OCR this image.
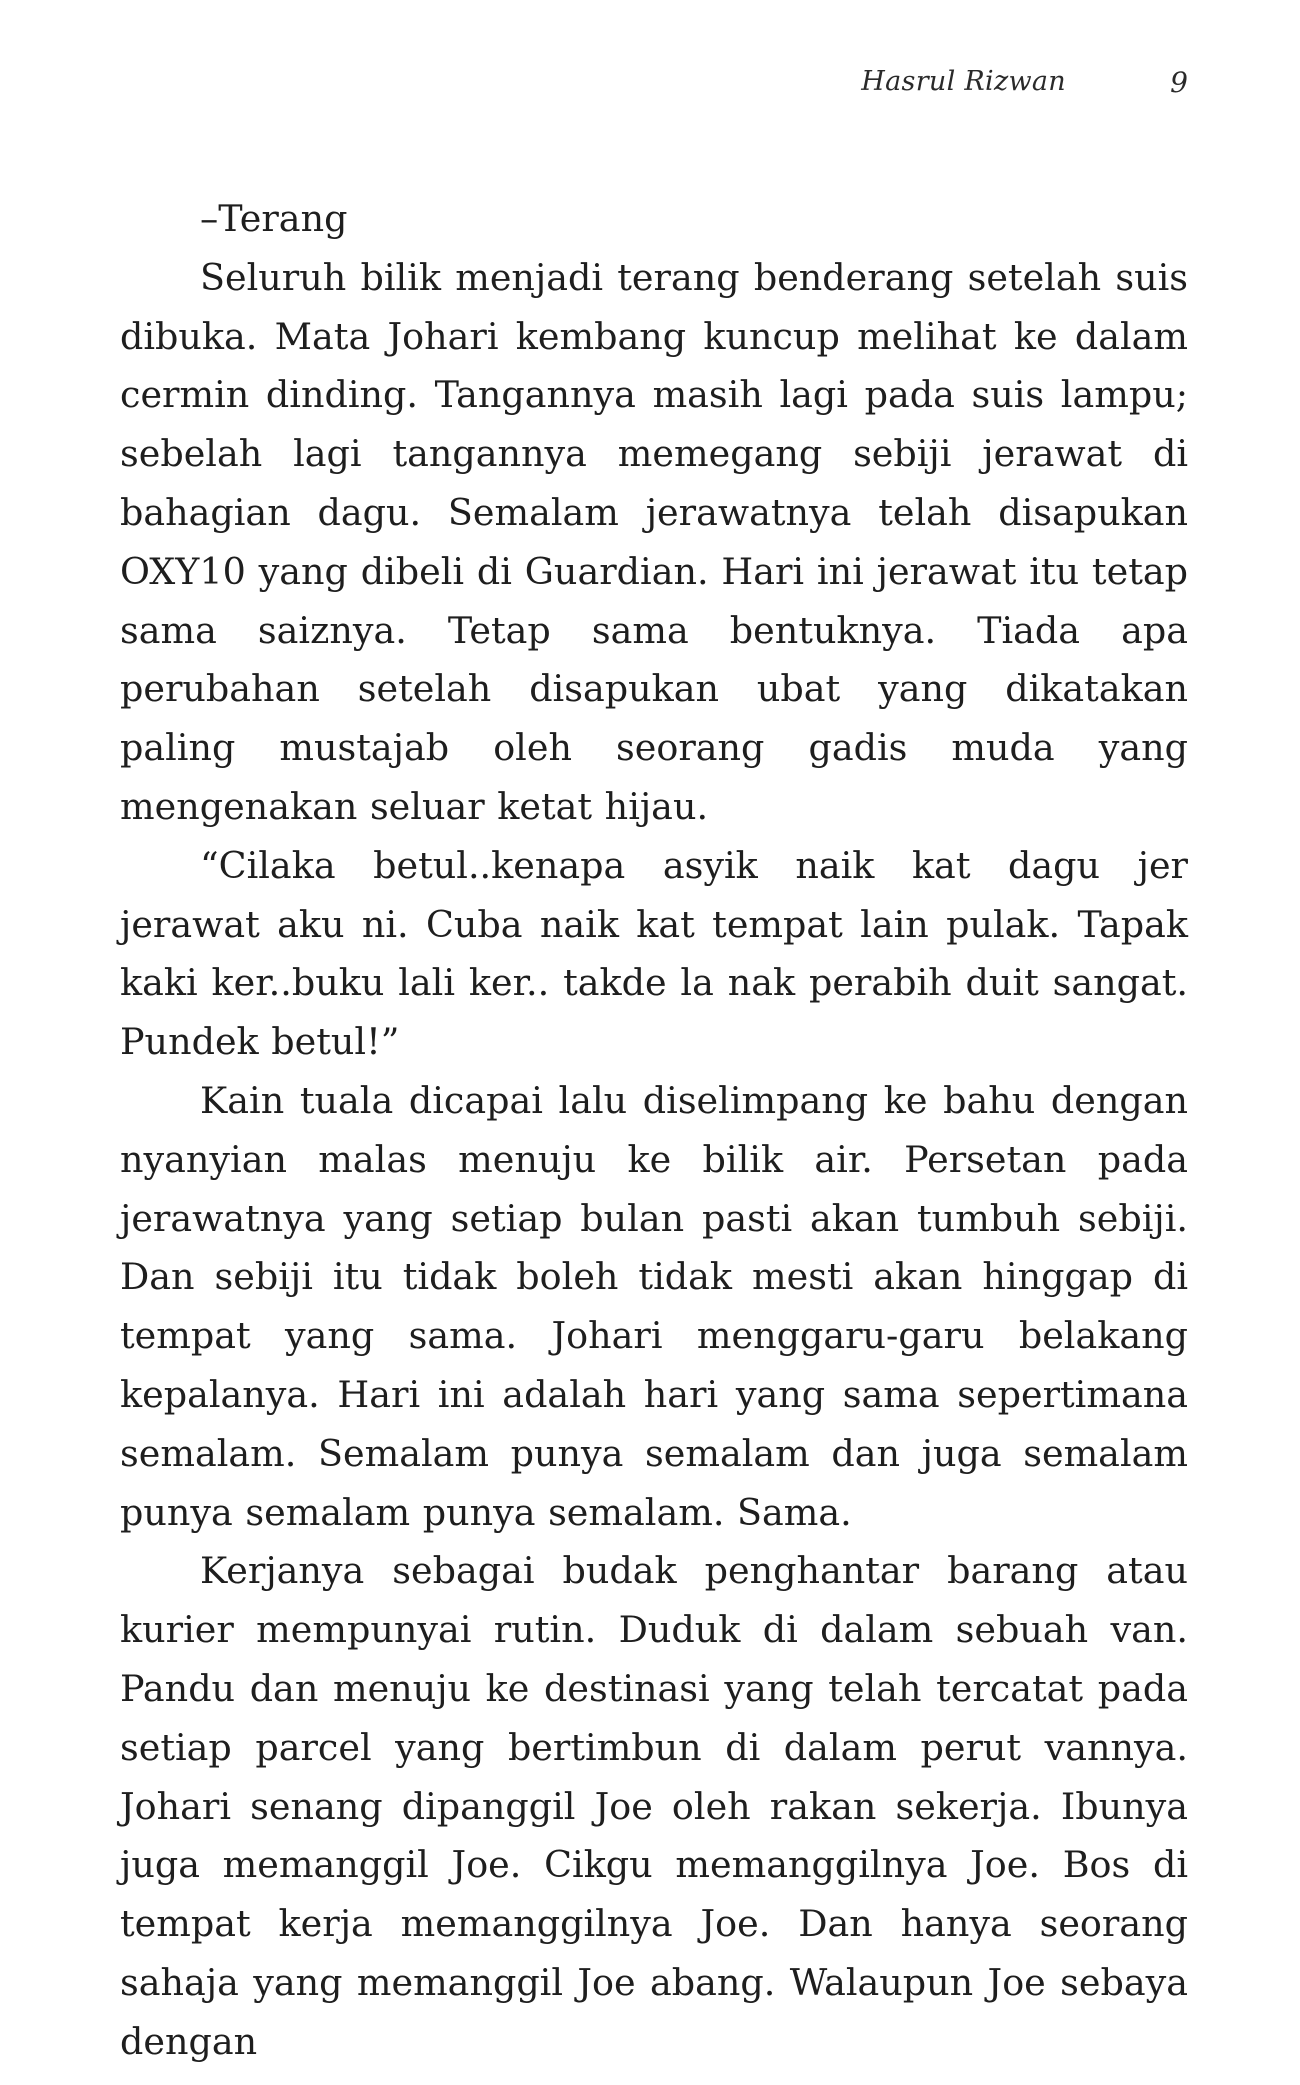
Hasrul Rizwan	9

–Terang

Seluruh bilik menjadi terang benderang setelah suis dibuka. Mata Johari kembang kuncup melihat ke dalam cermin dinding. Tangannya masih lagi pada suis lampu; sebelah lagi tangannya memegang sebiji jerawat di bahagian dagu. Semalam jerawatnya telah disapukan OXY10 yang dibeli di Guardian. Hari ini jerawat itu tetap sama saiznya. Tetap sama bentuknya. Tiada apa perubahan setelah disapukan ubat yang dikatakan paling mustajab oleh seorang gadis muda yang mengenakan seluar ketat hijau.

“Cilaka betul..kenapa asyik naik kat dagu jer jerawat aku ni. Cuba naik kat tempat lain pulak. Tapak kaki ker..buku lali ker.. takde la nak perabih duit sangat. Pundek betul!”

Kain tuala dicapai lalu diselimpang ke bahu dengan nyanyian malas menuju ke bilik air. Persetan pada jerawatnya yang setiap bulan pasti akan tumbuh sebiji. Dan sebiji itu tidak boleh tidak mesti akan hinggap di tempat yang sama. Johari menggaru-garu belakang kepalanya. Hari ini adalah hari yang sama sepertimana semalam. Semalam punya semalam dan juga semalam punya semalam punya semalam. Sama.

Kerjanya sebagai budak penghantar barang atau kurier mempunyai rutin. Duduk di dalam sebuah van. Pandu dan menuju ke destinasi yang telah tercatat pada setiap parcel yang bertimbun di dalam perut vannya. Johari senang dipanggil Joe oleh rakan sekerja. Ibunya juga memanggil Joe. Cikgu memanggilnya Joe. Bos di tempat kerja memanggilnya Joe. Dan hanya seorang sahaja yang memanggil Joe abang. Walaupun Joe sebaya dengan
